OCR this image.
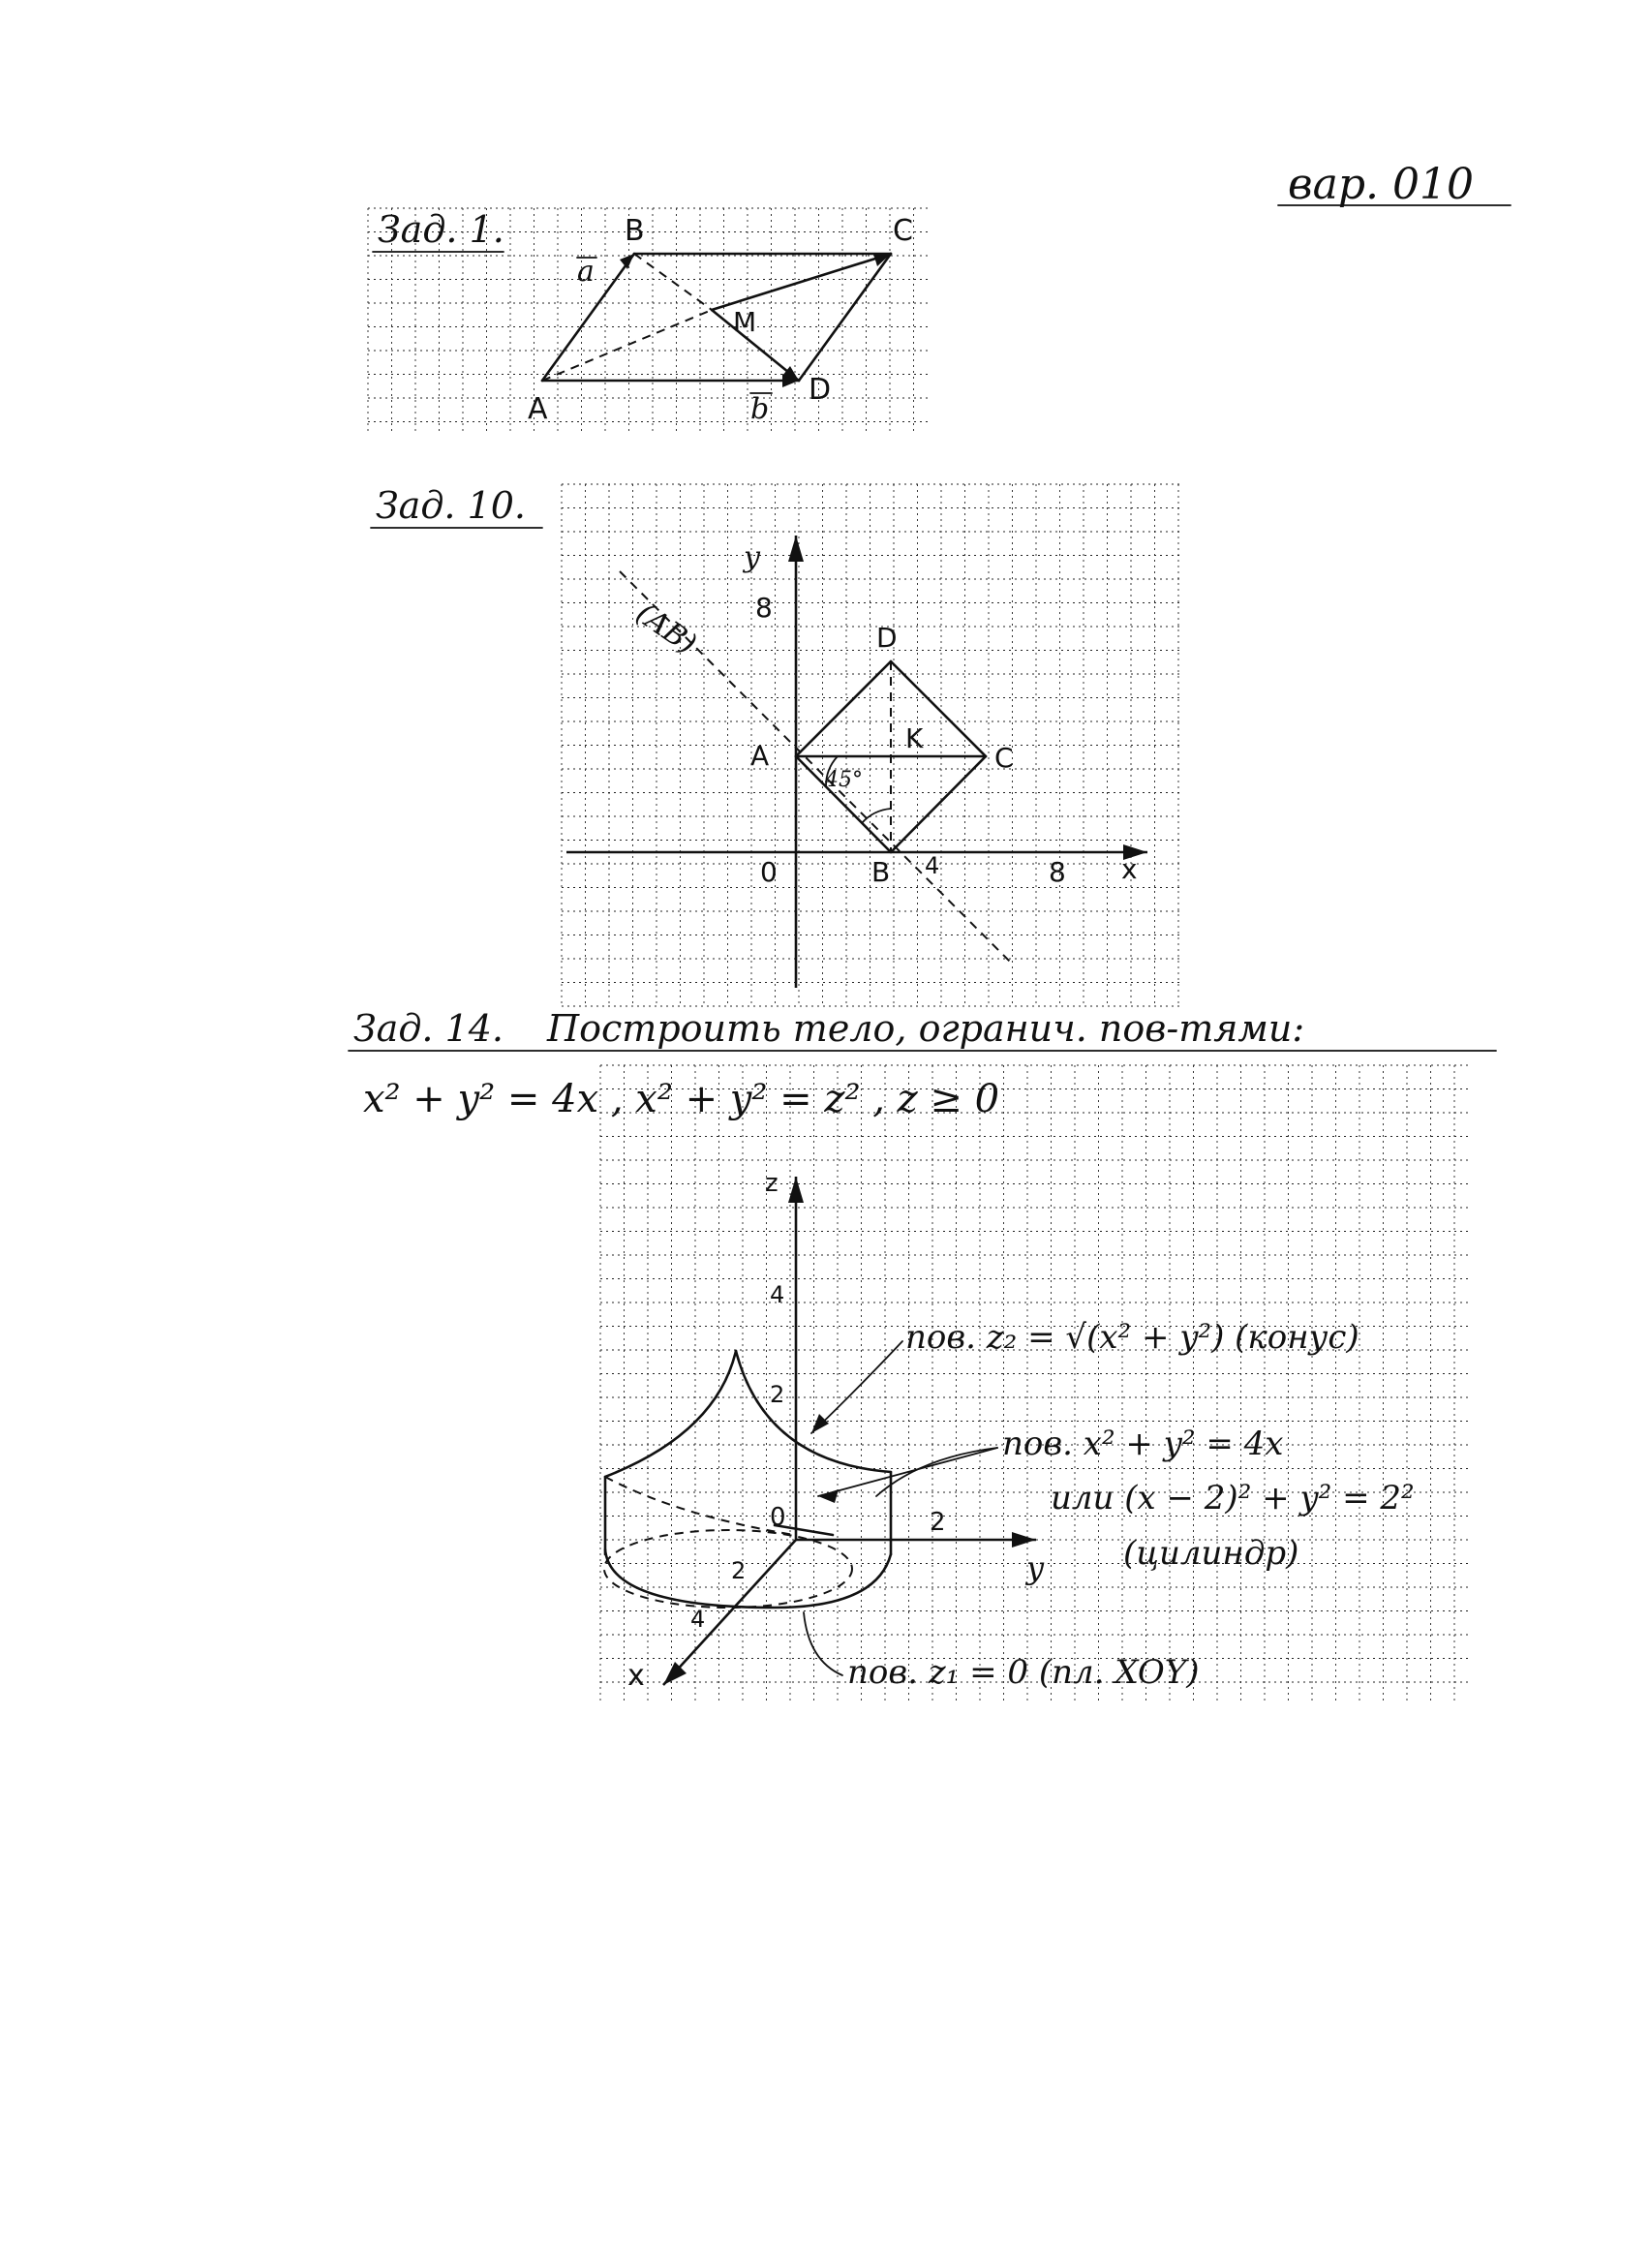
вар. 010
Зад. 1.
A
B	C
D
M
a
b
Зад. 10.
y
8
x
8
0	4
(AB)
A
B
C
D
K
45°
Зад. 14. Построить тело, огранич. пов-тями:
x² + y² = 4x , x² + y² = z² , z ≥ 0
z
4
2
0	2
y
2
4
x
пов. z₂ = √(x² + y²) (конус)
пов. x² + y² = 4x
или (x − 2)² + y² = 2²
(цилиндр)
пов. z₁ = 0 (пл. XOY)
